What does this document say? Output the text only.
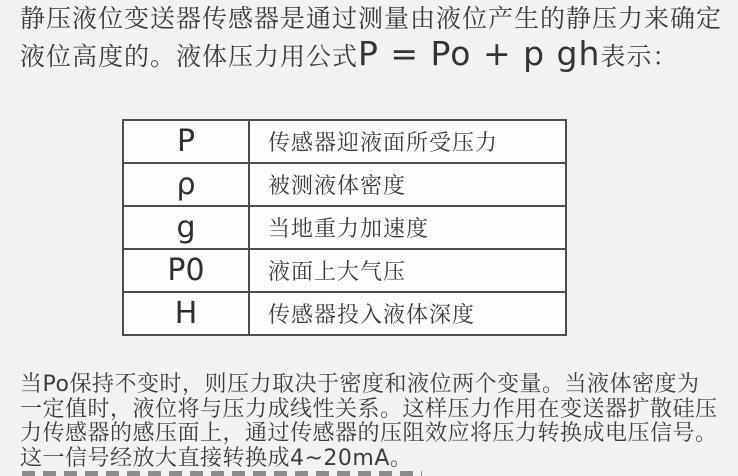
静压液位变送器传感器是通过测量由液位产生的静压力来确定
液位高度的。液体压力用公式P = Po + p gh表示：
P	传感器迎液面所受压力
ρ	被测液体密度
g	当地重力加速度
P0	液面上大气压
H	传感器投入液体深度
当Po保持不变时，则压力取决于密度和液位两个变量。当液体密度为
一定值时，液位将与压力成线性关系。这样压力作用在变送器扩散硅压
力传感器的感压面上，通过传感器的压阻效应将压力转换成电压信号。
这一信号经放大直接转换成4~20mA。
